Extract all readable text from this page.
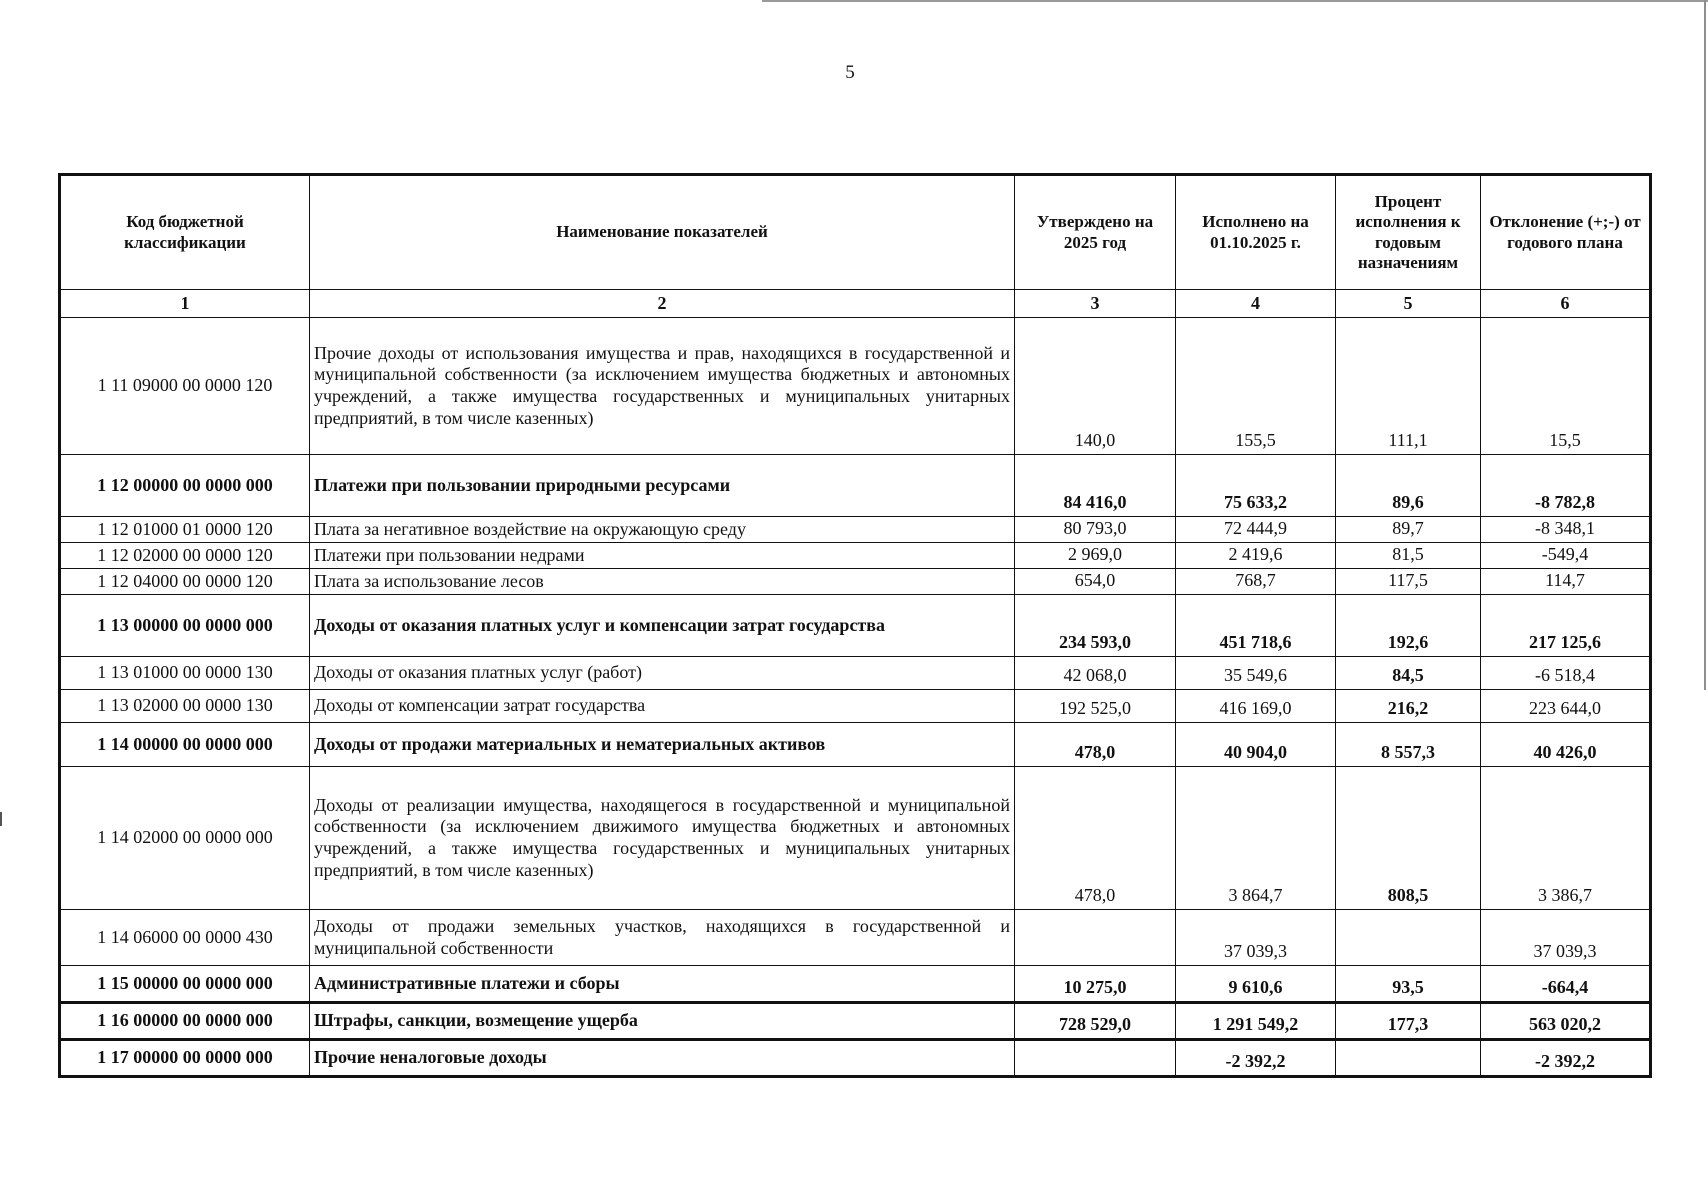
5
Код бюджетной классификации	Наименование показателей	Утверждено на 2025 год	Исполнено на 01.10.2025 г.	Процент исполнения к годовым назначениям	Отклонение (+;-) от годового плана
1	2	3	4	5	6
1 11 09000 00 0000 120	Прочие доходы от использования имущества и прав, находящихся в государственной и муниципальной собственности (за исключением имущества бюджетных и автономных учреждений, а также имущества государственных и муниципальных унитарных предприятий, в том числе казенных)	140,0	155,5	111,1	15,5
1 12 00000 00 0000 000	Платежи при пользовании природными ресурсами	84 416,0	75 633,2	89,6	-8 782,8
1 12 01000 01 0000 120	Плата за негативное воздействие на окружающую среду	80 793,0	72 444,9	89,7	-8 348,1
1 12 02000 00 0000 120	Платежи при пользовании недрами	2 969,0	2 419,6	81,5	-549,4
1 12 04000 00 0000 120	Плата за использование лесов	654,0	768,7	117,5	114,7
1 13 00000 00 0000 000	Доходы от оказания платных услуг и компенсации затрат государства	234 593,0	451 718,6	192,6	217 125,6
1 13 01000 00 0000 130	Доходы от оказания платных услуг (работ)	42 068,0	35 549,6	84,5	-6 518,4
1 13 02000 00 0000 130	Доходы от компенсации затрат государства	192 525,0	416 169,0	216,2	223 644,0
1 14 00000 00 0000 000	Доходы от продажи материальных и нематериальных активов	478,0	40 904,0	8 557,3	40 426,0
1 14 02000 00 0000 000	Доходы от реализации имущества, находящегося в государственной и муниципальной собственности (за исключением движимого имущества бюджетных и автономных учреждений, а также имущества государственных и муниципальных унитарных предприятий, в том числе казенных)	478,0	3 864,7	808,5	3 386,7
1 14 06000 00 0000 430	Доходы от продажи земельных участков, находящихся в государственной и муниципальной собственности		37 039,3		37 039,3
1 15 00000 00 0000 000	Административные платежи и сборы	10 275,0	9 610,6	93,5	-664,4
1 16 00000 00 0000 000	Штрафы, санкции, возмещение ущерба	728 529,0	1 291 549,2	177,3	563 020,2
1 17 00000 00 0000 000	Прочие неналоговые доходы		-2 392,2		-2 392,2
